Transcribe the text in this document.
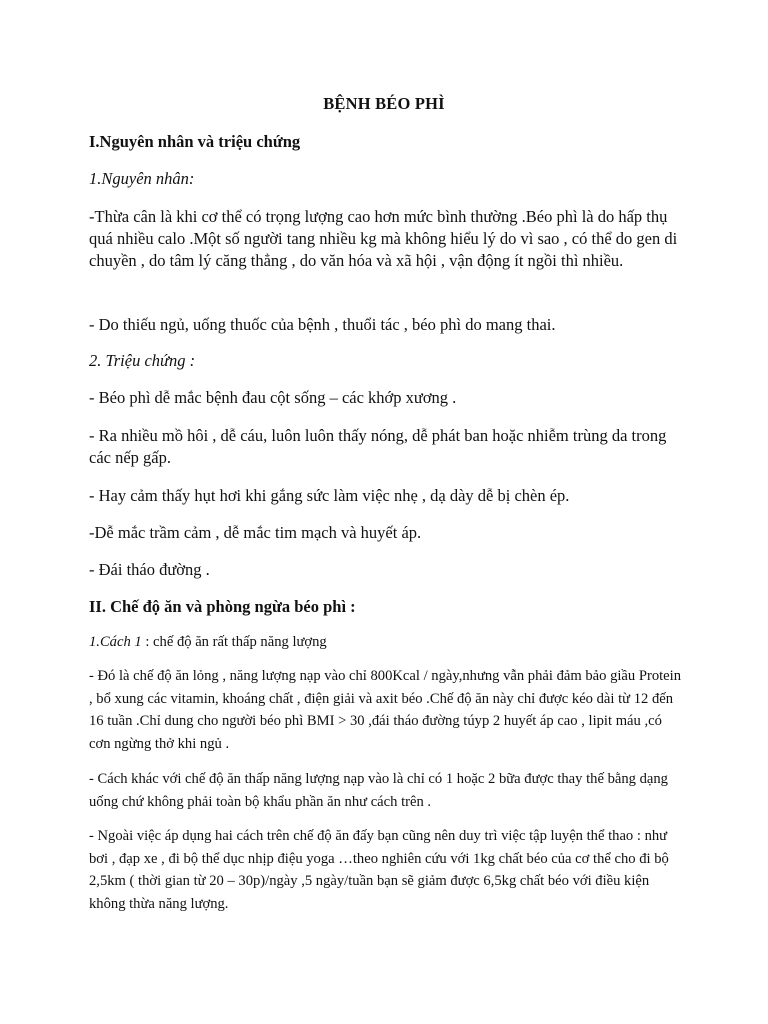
BỆNH BÉO PHÌ

I.Nguyên nhân và triệu chứng

1.Nguyên nhân:

-Thừa cân là khi cơ thể có trọng lượng cao hơn mức bình thường .Béo phì là do hấp thụ quá nhiều calo .Một số người tang nhiều kg mà không hiểu lý do vì sao , có thể do gen di chuyền , do tâm lý căng thẳng , do văn hóa và xã hội , vận động ít ngồi thì nhiều.

- Do thiếu ngủ, uống thuốc của bệnh , thuổi tác , béo phì do mang thai.

2. Triệu chứng :

- Béo phì dễ mắc bệnh đau cột sống – các khớp xương .

- Ra nhiều mồ hôi , dễ cáu, luôn luôn thấy nóng, dễ phát ban hoặc nhiễm trùng da trong các nếp gấp.

- Hay cảm thấy hụt hơi khi gắng sức làm việc nhẹ , dạ dày dễ bị chèn ép.

-Dễ mắc trầm cảm , dễ mắc tim mạch và huyết áp.

- Đái tháo đường .

II. Chế độ ăn và phòng ngừa béo phì :

1.Cách 1 : chế độ ăn rất thấp năng lượng

- Đó là chế độ ăn lỏng , năng lượng nạp vào chỉ 800Kcal / ngày,nhưng vẫn phải đảm bảo giầu Protein , bổ xung các vitamin, khoáng chất , điện giải và axit béo .Chế độ ăn này chỉ được kéo dài từ 12 đến 16 tuần .Chỉ dung cho người béo phì BMI > 30 ,đái tháo đường túyp 2 huyết áp cao , lipit máu ,có cơn ngừng thở khi ngủ .

- Cách khác với chế độ ăn thấp năng lượng nạp vào là chỉ có 1 hoặc 2 bữa được thay thế bằng dạng uống chứ không phải toàn bộ khẩu phần ăn như cách trên .

- Ngoài việc áp dụng hai cách trên chế độ ăn đấy bạn cũng nên duy trì việc tập luyện thể thao : như bơi , đạp xe , đi bộ thể dục nhịp điệu yoga …theo nghiên cứu với 1kg chất béo của cơ thể cho đi bộ 2,5km ( thời gian từ 20 – 30p)/ngày ,5 ngày/tuần bạn sẽ giảm được 6,5kg chất béo với điều kiện không thừa năng lượng.
